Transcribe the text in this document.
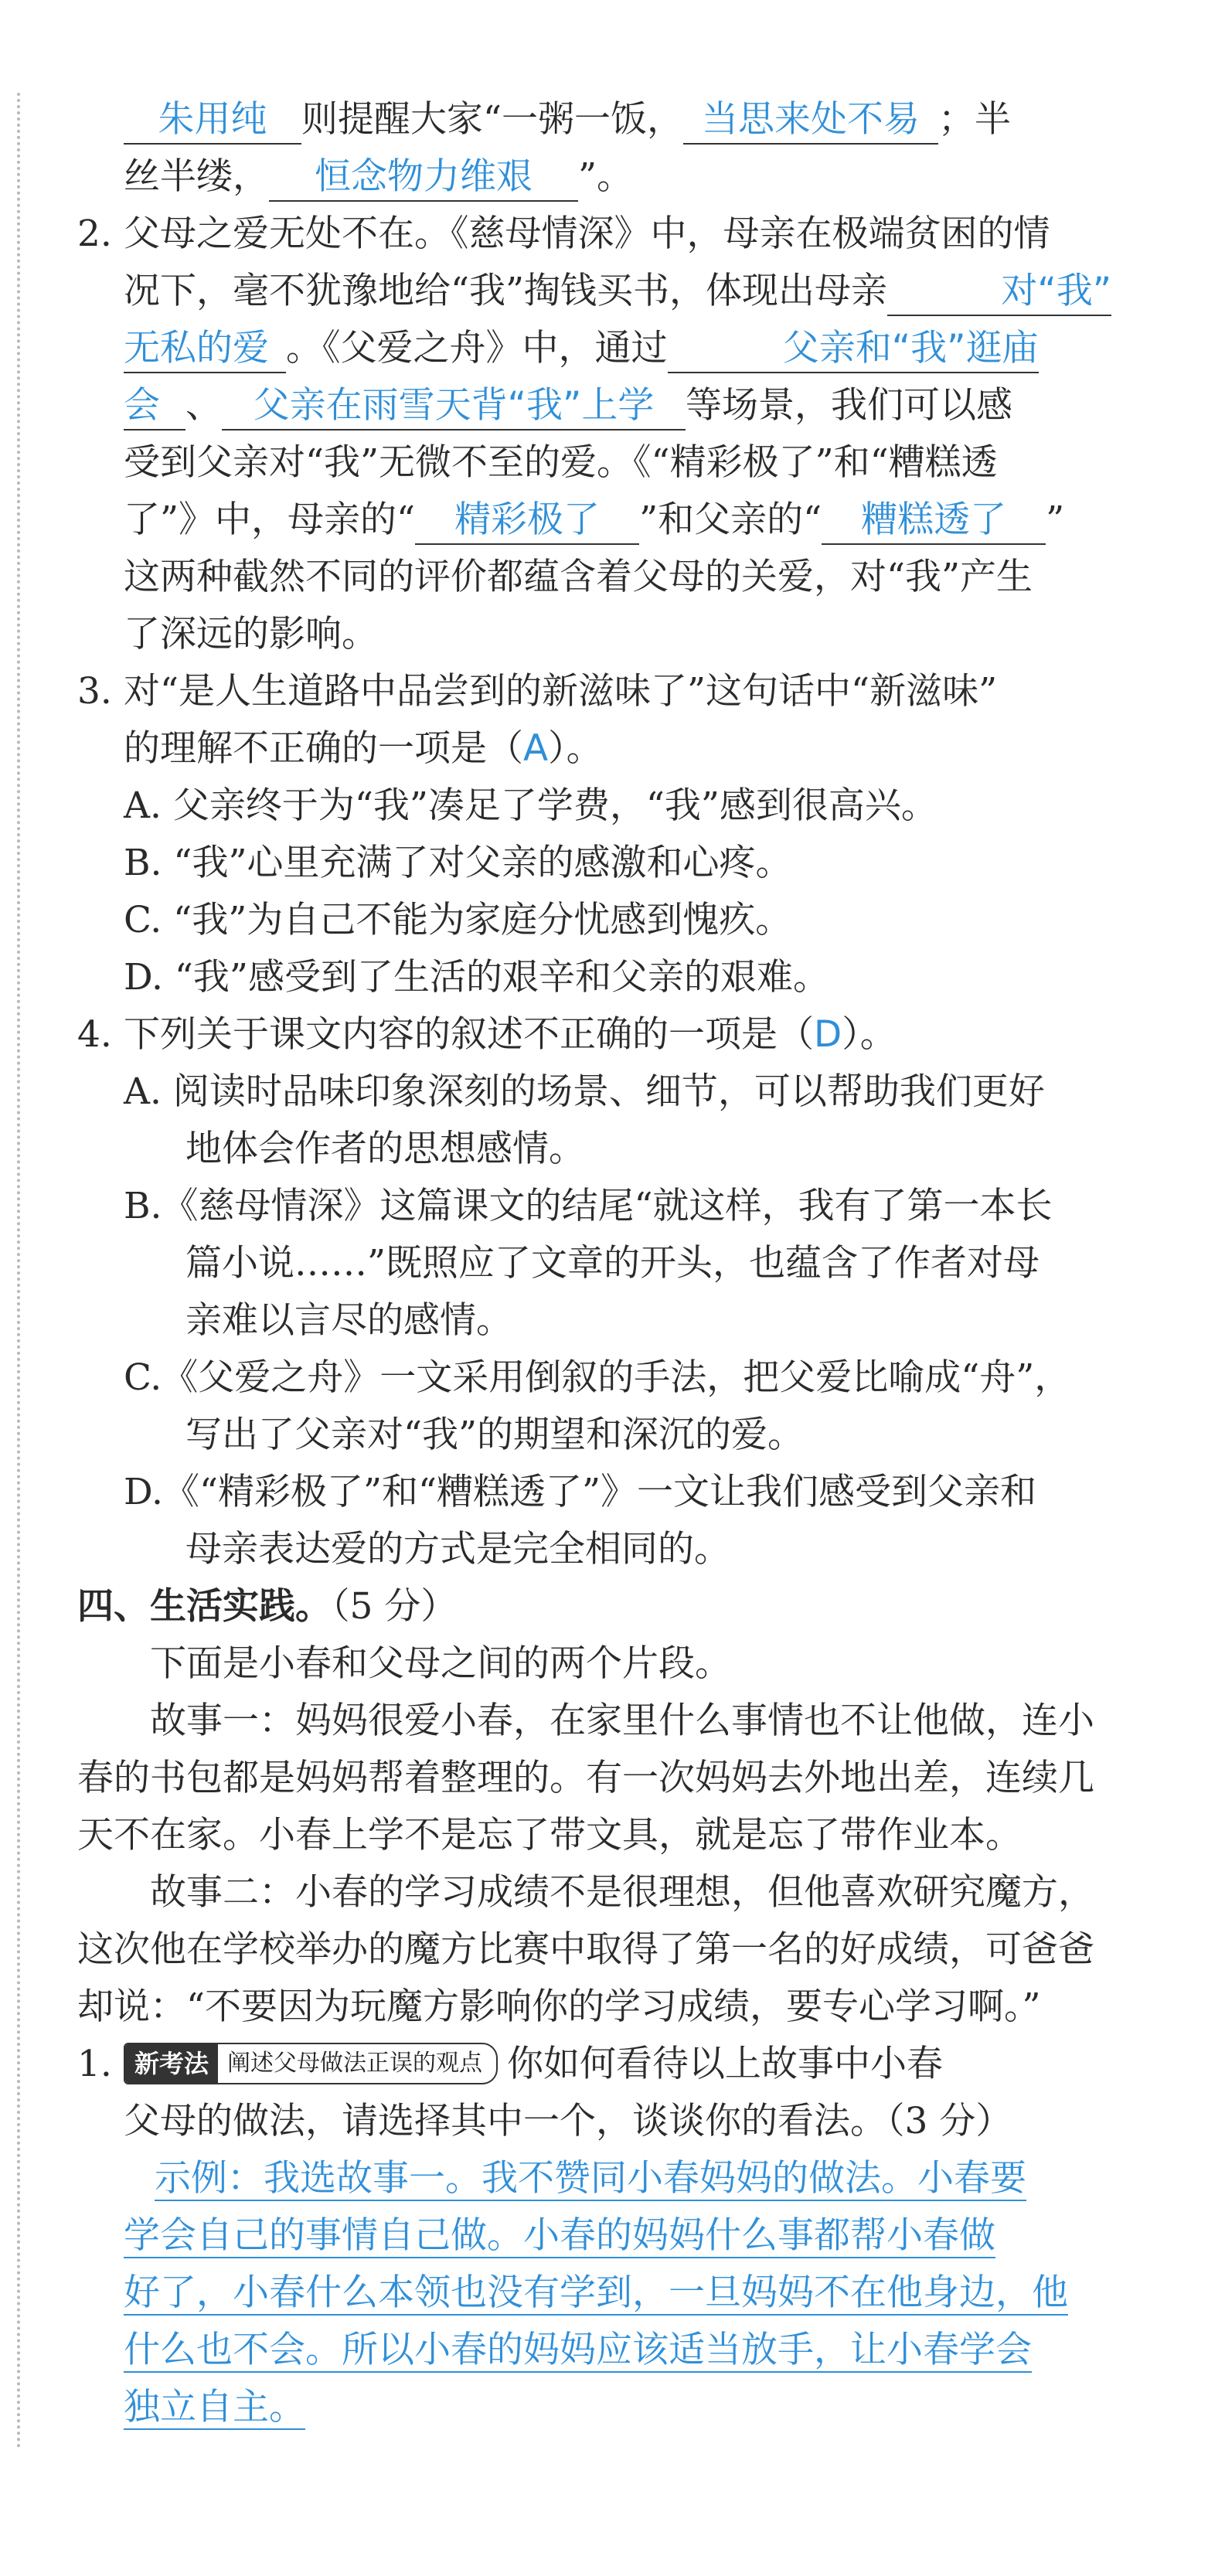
朱用纯 则提醒大家“一粥一饭， 当思来处不易 ；半
丝半缕， 恒念物力维艰 ”。
2. 父母之爱无处不在。《慈母情深》中，母亲在极端贫困的情
况下，毫不犹豫地给“我”掏钱买书，体现出母亲	对“我”
无私的爱 。《父爱之舟》中，通过	父亲和“我”逛庙
会 、 父亲在雨雪天背“我”上学 等场景，我们可以感
受到父亲对“我”无微不至的爱。《“精彩极了”和“糟糕透
了”》中，母亲的“ 精彩极了 ”和父亲的“ 糟糕透了 ”
这两种截然不同的评价都蕴含着父母的关爱，对“我”产生
了深远的影响。
3. 对“是人生道路中品尝到的新滋味了”这句话中“新滋味”
的理解不正确的一项是（A）。
A. 父亲终于为“我”凑足了学费，“我”感到很高兴。
B. “我”心里充满了对父亲的感激和心疼。
C. “我”为自己不能为家庭分忧感到愧疚。
D. “我”感受到了生活的艰辛和父亲的艰难。
4. 下列关于课文内容的叙述不正确的一项是（D）。
A. 阅读时品味印象深刻的场景、细节，可以帮助我们更好
地体会作者的思想感情。
B.《慈母情深》这篇课文的结尾“就这样，我有了第一本长
篇小说……”既照应了文章的开头，也蕴含了作者对母
亲难以言尽的感情。
C.《父爱之舟》一文采用倒叙的手法，把父爱比喻成“舟”，
写出了父亲对“我”的期望和深沉的爱。
D.《“精彩极了”和“糟糕透了”》一文让我们感受到父亲和
母亲表达爱的方式是完全相同的。
四、生活实践。（5 分）
下面是小春和父母之间的两个片段。
故事一：妈妈很爱小春，在家里什么事情也不让他做，连小
春的书包都是妈妈帮着整理的。有一次妈妈去外地出差，连续几
天不在家。小春上学不是忘了带文具，就是忘了带作业本。
故事二：小春的学习成绩不是很理想，但他喜欢研究魔方，
这次他在学校举办的魔方比赛中取得了第一名的好成绩，可爸爸
却说：“不要因为玩魔方影响你的学习成绩，要专心学习啊。”
1. 新考法 阐述父母做法正误的观点 你如何看待以上故事中小春
父母的做法，请选择其中一个，谈谈你的看法。（3 分）
示例：我选故事一。我不赞同小春妈妈的做法。小春要
学会自己的事情自己做。小春的妈妈什么事都帮小春做
好了，小春什么本领也没有学到，一旦妈妈不在他身边，他
什么也不会。所以小春的妈妈应该适当放手，让小春学会
独立自主。
